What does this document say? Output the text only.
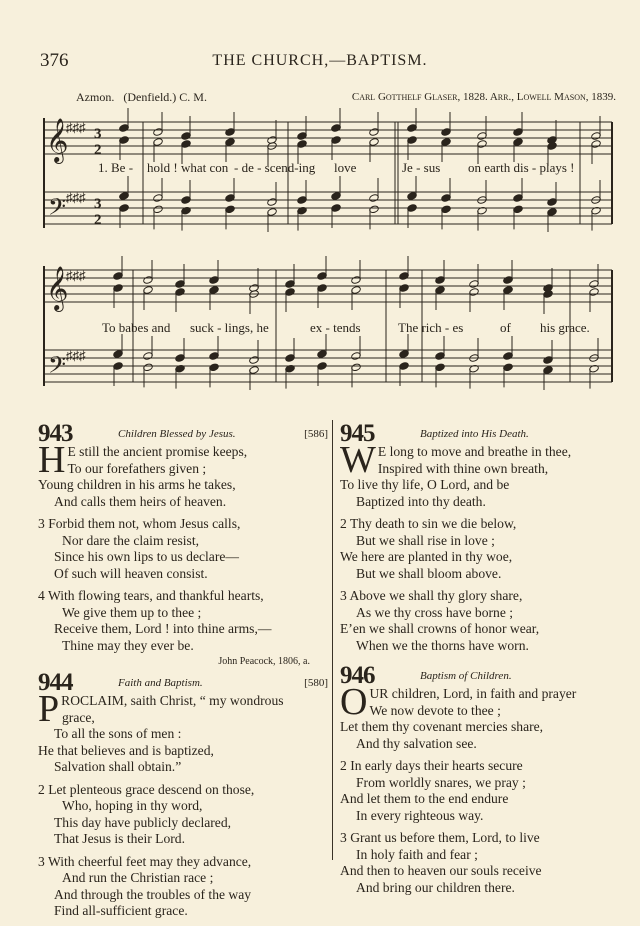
376	THE CHURCH,—BAPTISM.
Azmon. (Denfield.) C. M.	Carl Gotthelf Glaser, 1828. Arr., Lowell Mason, 1839.
𝄞
𝄢
♯♯♯
♯♯♯
3
2
3
2
𝄞
𝄢
♯♯♯
♯♯♯
1. Be - hold ! what con - de - scend-ing love	Je - sus on earth dis - plays !
To babes and suck - lings, he	ex - tends	The rich - es	of his grace.
943	Children Blessed by Jesus.	[586]
H E still the ancient promise keeps,
To our forefathers given ;
Young children in his arms he takes,
And calls them heirs of heaven.
3 Forbid them not, whom Jesus calls,
Nor dare the claim resist,
Since his own lips to us declare—
Of such will heaven consist.
4 With flowing tears, and thankful hearts,
We give them up to thee ;
Receive them, Lord ! into thine arms,—
Thine may they ever be.
John Peacock, 1806, a.
944	Faith and Baptism.	[580]
P ROCLAIM, saith Christ, “ my wondrous
grace,
To all the sons of men :
He that believes and is baptized,
Salvation shall obtain.”
2 Let plenteous grace descend on those,
Who, hoping in thy word,
This day have publicly declared,
That Jesus is their Lord.
3 With cheerful feet may they advance,
And run the Christian race ;
And through the troubles of the way
Find all-sufficient grace.
945	Baptized into His Death.
W E long to move and breathe in thee,
Inspired with thine own breath,
To live thy life, O Lord, and be
Baptized into thy death.
2 Thy death to sin we die below,
But we shall rise in love ;
We here are planted in thy woe,
But we shall bloom above.
3 Above we shall thy glory share,
As we thy cross have borne ;
E’en we shall crowns of honor wear,
When we the thorns have worn.
946	Baptism of Children.
O UR children, Lord, in faith and prayer
We now devote to thee ;
Let them thy covenant mercies share,
And thy salvation see.
2 In early days their hearts secure
From worldly snares, we pray ;
And let them to the end endure
In every righteous way.
3 Grant us before them, Lord, to live
In holy faith and fear ;
And then to heaven our souls receive
And bring our children there.
